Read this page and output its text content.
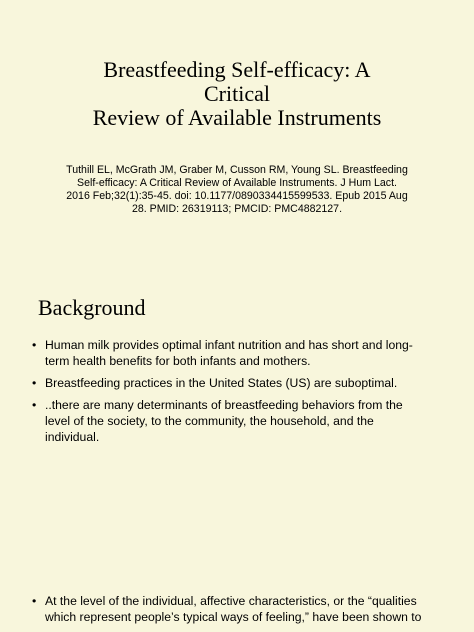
Breastfeeding Self-efficacy: A
Critical
Review of Available Instruments
Tuthill EL, McGrath JM, Graber M, Cusson RM, Young SL. Breastfeeding
Self-efficacy: A Critical Review of Available Instruments. J Hum Lact.
2016 Feb;32(1):35-45. doi: 10.1177/0890334415599533. Epub 2015 Aug
28. PMID: 26319113; PMCID: PMC4882127.
Background
• Human milk provides optimal infant nutrition and has short and long-
term health benefits for both infants and mothers.
• Breastfeeding practices in the United States (US) are suboptimal.
• ..there are many determinants of breastfeeding behaviors from the
level of the society, to the community, the household, and the
individual.
• At the level of the individual, affective characteristics, or the “qualities
which represent people’s typical ways of feeling,” have been shown to
